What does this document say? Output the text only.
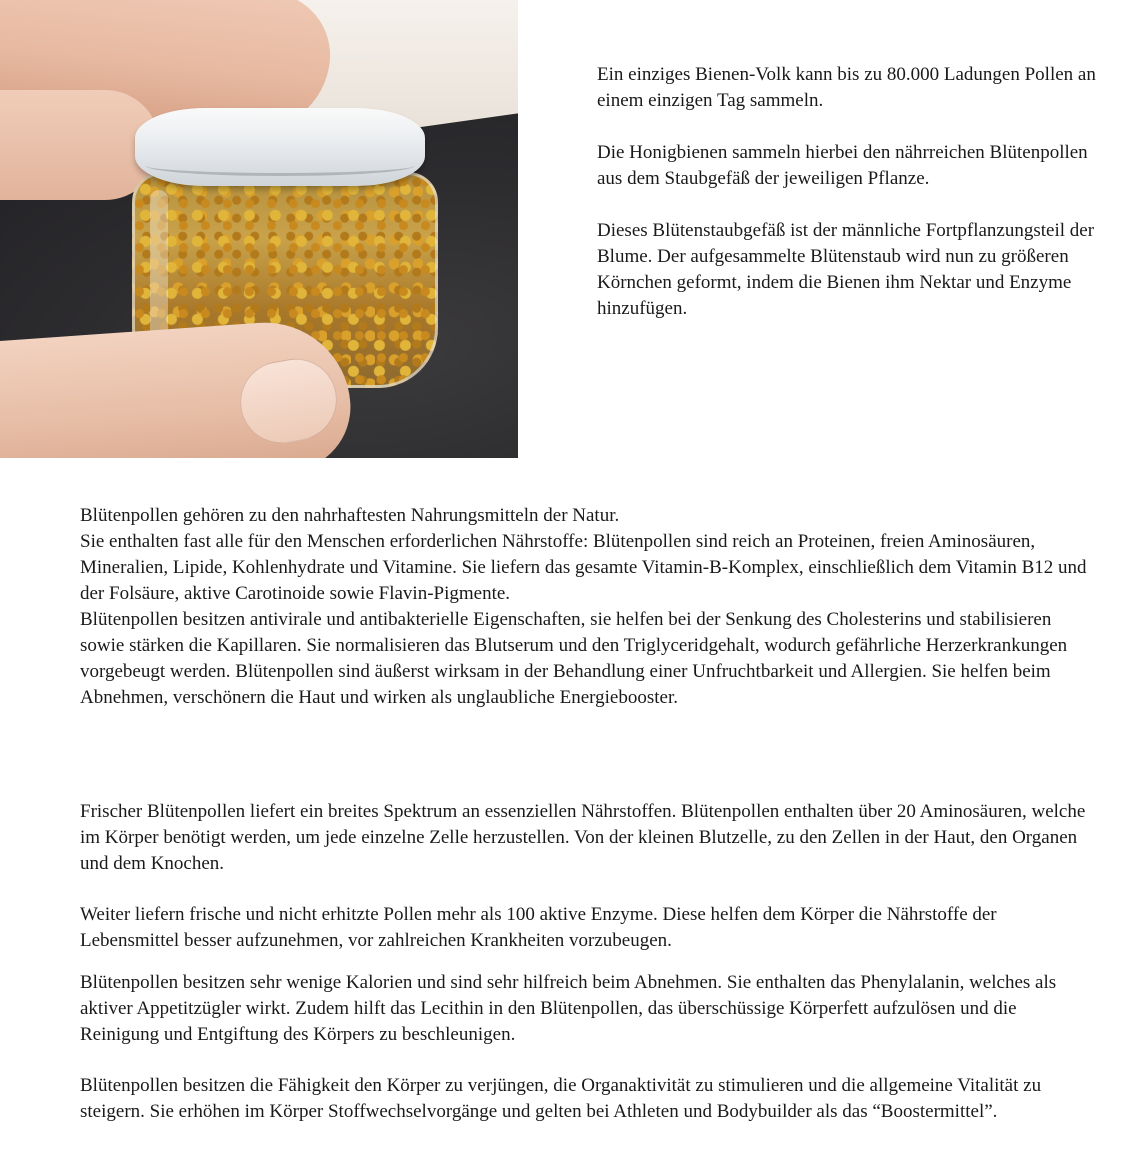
Ein einziges Bienen-Volk kann bis zu 80.000 Ladungen Pollen an einem einzigen Tag sammeln.

Die Honigbienen sammeln hierbei den nährreichen Blütenpollen aus dem Staubgefäß der jeweiligen Pflanze.

Dieses Blütenstaubgefäß ist der männliche Fortpflanzungsteil der Blume. Der aufgesammelte Blütenstaub wird nun zu größeren Körnchen geformt, indem die Bienen ihm Nektar und Enzyme hinzufügen.

Blütenpollen gehören zu den nahrhaftesten Nahrungsmitteln der Natur.

Sie enthalten fast alle für den Menschen erforderlichen Nährstoffe: Blütenpollen sind reich an Proteinen, freien Aminosäuren, Mineralien, Lipide, Kohlenhydrate und Vitamine. Sie liefern das gesamte Vitamin-B-Komplex, einschließlich dem Vitamin B12 und der Folsäure, aktive Carotinoide sowie Flavin-Pigmente.

Blütenpollen besitzen antivirale und antibakterielle Eigenschaften, sie helfen bei der Senkung des Cholesterins und stabilisieren sowie stärken die Kapillaren. Sie normalisieren das Blutserum und den Triglyceridgehalt, wodurch gefährliche Herzerkrankungen vorgebeugt werden. Blütenpollen sind äußerst wirksam in der Behandlung einer Unfruchtbarkeit und Allergien. Sie helfen beim Abnehmen, verschönern die Haut und wirken als unglaubliche Energiebooster.

Frischer Blütenpollen liefert ein breites Spektrum an essenziellen Nährstoffen. Blütenpollen enthalten über 20 Aminosäuren, welche im Körper benötigt werden, um jede einzelne Zelle herzustellen. Von der kleinen Blutzelle, zu den Zellen in der Haut, den Organen und dem Knochen.

Weiter liefern frische und nicht erhitzte Pollen mehr als 100 aktive Enzyme. Diese helfen dem Körper die Nährstoffe der Lebensmittel besser aufzunehmen, vor zahlreichen Krankheiten vorzubeugen.

Blütenpollen besitzen sehr wenige Kalorien und sind sehr hilfreich beim Abnehmen. Sie enthalten das Phenylalanin, welches als aktiver Appetitzügler wirkt. Zudem hilft das Lecithin in den Blütenpollen, das überschüssige Körperfett aufzulösen und die Reinigung und Entgiftung des Körpers zu beschleunigen.

Blütenpollen besitzen die Fähigkeit den Körper zu verjüngen, die Organaktivität zu stimulieren und die allgemeine Vitalität zu steigern. Sie erhöhen im Körper Stoffwechselvorgänge und gelten bei Athleten und Bodybuilder als das “Boostermittel”.
